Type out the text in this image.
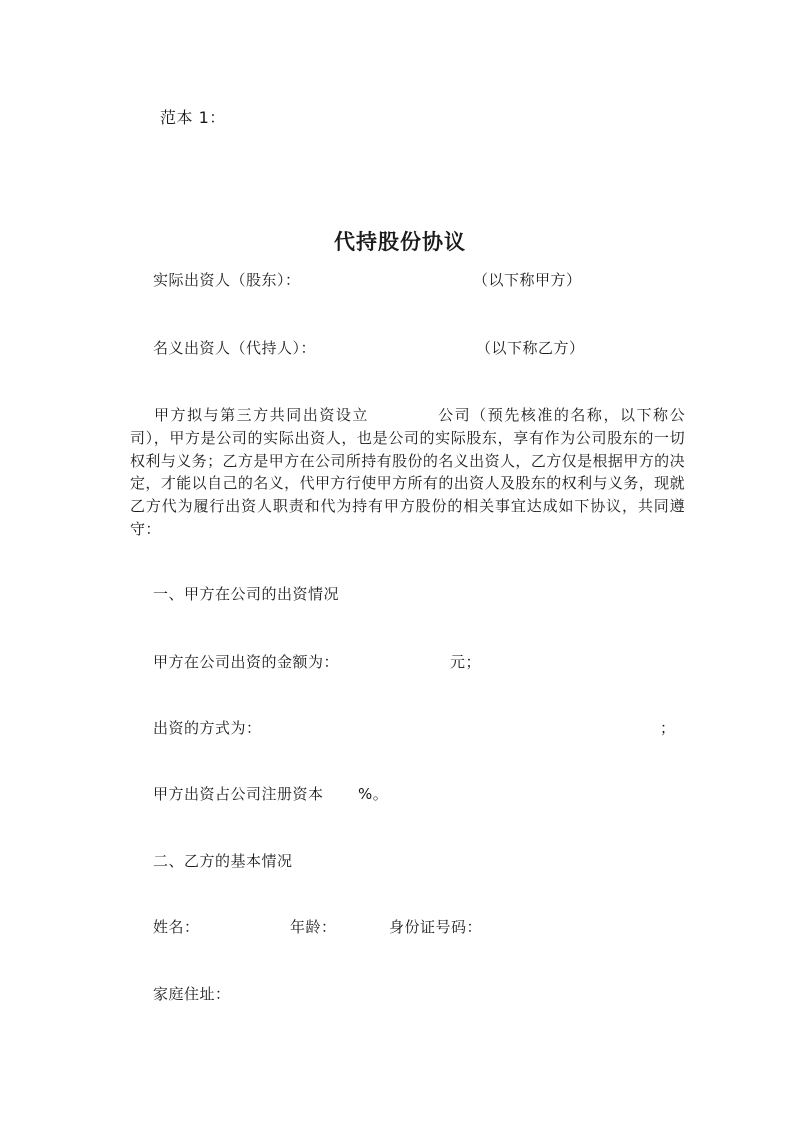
范本 1：
代持股份协议
实际出资人（股东）：	（以下称甲方）
名义出资人（代持人）：	（以下称乙方）
甲方拟与第三方共同出资设立	公司（预先核准的名称，以下称公司），甲方是公司的实际出资人，也是公司的实际股东，享有作为公司股东的一切权利与义务；乙方是甲方在公司所持有股份的名义出资人，乙方仅是根据甲方的决定，才能以自己的名义，代甲方行使甲方所有的出资人及股东的权利与义务，现就乙方代为履行出资人职责和代为持有甲方股份的相关事宜达成如下协议，共同遵守：
一、甲方在公司的出资情况
甲方在公司出资的金额为：	元；
出资的方式为：	；
甲方出资占公司注册资本 %。
二、乙方的基本情况
姓名：	年龄：	身份证号码：
家庭住址：
